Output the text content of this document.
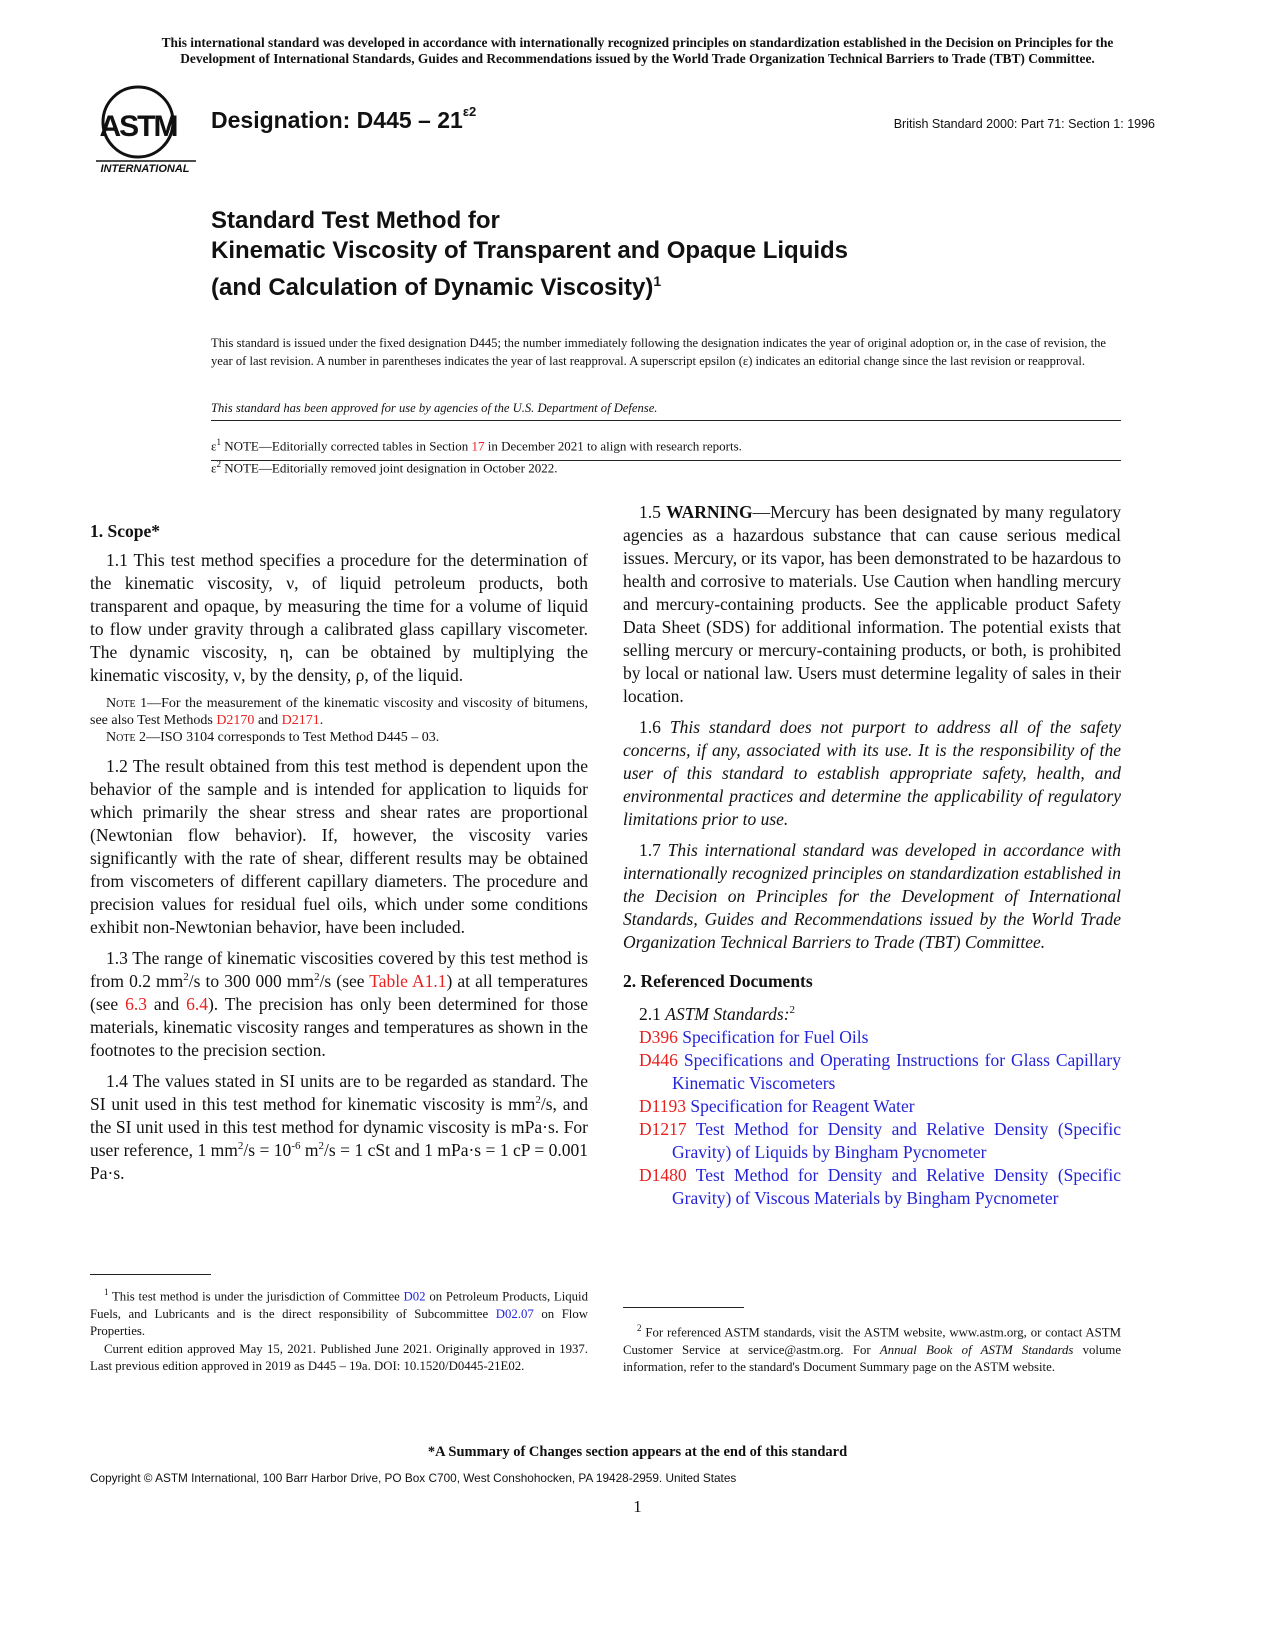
This international standard was developed in accordance with internationally recognized principles on standardization established in the Decision on Principles for the
Development of International Standards, Guides and Recommendations issued by the World Trade Organization Technical Barriers to Trade (TBT) Committee.
ASTM
INTERNATIONAL
Designation: $D445 - 21^{\varepsilon 2}$
British Standard 2000: Part 71: Section 1: 1996
Standard Test Method for
Kinematic Viscosity of Transparent and Opaque Liquids
(and Calculation of Dynamic Viscosity)$^1$
This standard is issued under the fixed designation D445; the number immediately following the designation indicates the year of original adoption or, in the case of revision, the year of last revision. A number in parentheses indicates the year of last reapproval. A superscript epsilon (ε) indicates an editorial change since the last revision or reapproval.
This standard has been approved for use by agencies of the U.S. Department of Defense.
$\varepsilon^1$ NOTE—Editorially corrected tables in Section 17 in December 2021 to align with research reports.
$\varepsilon^2$ NOTE—Editorially removed joint designation in October 2022.
1. Scope*

1.1 This test method specifies a procedure for the determination of the kinematic viscosity, ν, of liquid petroleum products, both transparent and opaque, by measuring the time for a volume of liquid to flow under gravity through a calibrated glass capillary viscometer. The dynamic viscosity, η, can be obtained by multiplying the kinematic viscosity, ν, by the density, ρ, of the liquid.

Note 1—For the measurement of the kinematic viscosity and viscosity of bitumens, see also Test Methods D2170 and D2171.

Note 2—ISO 3104 corresponds to Test Method D445 – 03.

1.2 The result obtained from this test method is dependent upon the behavior of the sample and is intended for application to liquids for which primarily the shear stress and shear rates are proportional (Newtonian flow behavior). If, however, the viscosity varies significantly with the rate of shear, different results may be obtained from viscometers of different capillary diameters. The procedure and precision values for residual fuel oils, which under some conditions exhibit non-Newtonian behavior, have been included.

1.3 The range of kinematic viscosities covered by this test method is from 0.2 $mm^2/s$ to 300 000 $mm^2/s$ (see Table A1.1) at all temperatures (see 6.3 and 6.4). The precision has only been determined for those materials, kinematic viscosity ranges and temperatures as shown in the footnotes to the precision section.

1.4 The values stated in SI units are to be regarded as standard. The SI unit used in this test method for kinematic viscosity is $mm^2/s$, and the SI unit used in this test method for dynamic viscosity is mPa·s. For user reference, 1 $mm^2/s = 10^{-6}$ $m^2/s = 1$ cSt and 1 mPa·s = 1 cP = 0.001 Pa·s.

1.5 WARNING—Mercury has been designated by many regulatory agencies as a hazardous substance that can cause serious medical issues. Mercury, or its vapor, has been demonstrated to be hazardous to health and corrosive to materials. Use Caution when handling mercury and mercury-containing products. See the applicable product Safety Data Sheet (SDS) for additional information. The potential exists that selling mercury or mercury-containing products, or both, is prohibited by local or national law. Users must determine legality of sales in their location.

1.6 This standard does not purport to address all of the safety concerns, if any, associated with its use. It is the responsibility of the user of this standard to establish appropriate safety, health, and environmental practices and determine the applicability of regulatory limitations prior to use.

1.7 This international standard was developed in accordance with internationally recognized principles on standardization established in the Decision on Principles for the Development of International Standards, Guides and Recommendations issued by the World Trade Organization Technical Barriers to Trade (TBT) Committee.

2. Referenced Documents

2.1 ASTM Standards:$^2$

D396 Specification for Fuel Oils
D446 Specifications and Operating Instructions for Glass Capillary Kinematic Viscometers
D1193 Specification for Reagent Water
D1217 Test Method for Density and Relative Density (Specific Gravity) of Liquids by Bingham Pycnometer
D1480 Test Method for Density and Relative Density (Specific Gravity) of Viscous Materials by Bingham Pycnometer

$^1$ This test method is under the jurisdiction of Committee D02 on Petroleum Products, Liquid Fuels, and Lubricants and is the direct responsibility of Subcommittee D02.07 on Flow Properties.

Current edition approved May 15, 2021. Published June 2021. Originally approved in 1937. Last previous edition approved in 2019 as D445 – 19a. DOI: 10.1520/D0445-21E02.

$^2$ For referenced ASTM standards, visit the ASTM website, www.astm.org, or contact ASTM Customer Service at service@astm.org. For Annual Book of ASTM Standards volume information, refer to the standard's Document Summary page on the ASTM website.

*A Summary of Changes section appears at the end of this standard
Copyright © ASTM International, 100 Barr Harbor Drive, PO Box C700, West Conshohocken, PA 19428-2959. United States
1
